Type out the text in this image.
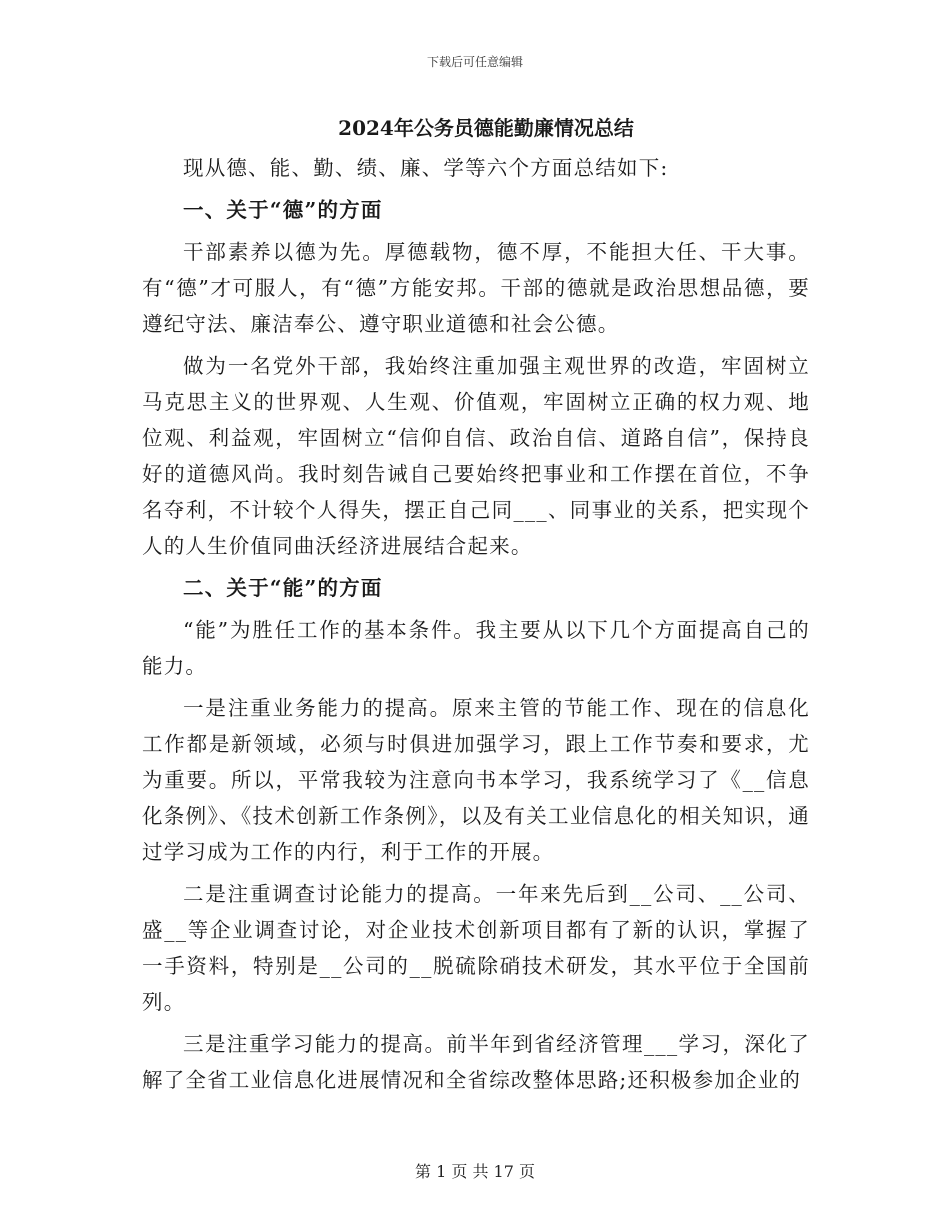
下载后可任意编辑
2024年公务员德能勤廉情况总结

现从德、能、勤、绩、廉、学等六个方面总结如下:

一、关于“德”的方面

干部素养以德为先。厚德载物，德不厚，不能担大任、干大事。有“德”才可服人，有“德”方能安邦。干部的德就是政治思想品德，要遵纪守法、廉洁奉公、遵守职业道德和社会公德。

做为一名党外干部，我始终注重加强主观世界的改造，牢固树立马克思主义的世界观、人生观、价值观，牢固树立正确的权力观、地位观、利益观，牢固树立“信仰自信、政治自信、道路自信”，保持良好的道德风尚。我时刻告诫自己要始终把事业和工作摆在首位，不争名夺利，不计较个人得失，摆正自己同___、同事业的关系，把实现个人的人生价值同曲沃经济进展结合起来。

二、关于“能”的方面

“能”为胜任工作的基本条件。我主要从以下几个方面提高自己的能力。

一是注重业务能力的提高。原来主管的节能工作、现在的信息化工作都是新领域，必须与时俱进加强学习，跟上工作节奏和要求，尤为重要。所以，平常我较为注意向书本学习，我系统学习了《__信息化条例》、《技术创新工作条例》，以及有关工业信息化的相关知识，通过学习成为工作的内行，利于工作的开展。

二是注重调查讨论能力的提高。一年来先后到__公司、__公司、盛__等企业调查讨论，对企业技术创新项目都有了新的认识，掌握了一手资料，特别是__公司的__脱硫除硝技术研发，其水平位于全国前列。

三是注重学习能力的提高。前半年到省经济管理___学习，深化了解了全省工业信息化进展情况和全省综改整体思路;还积极参加企业的

第 1 页 共 17 页
